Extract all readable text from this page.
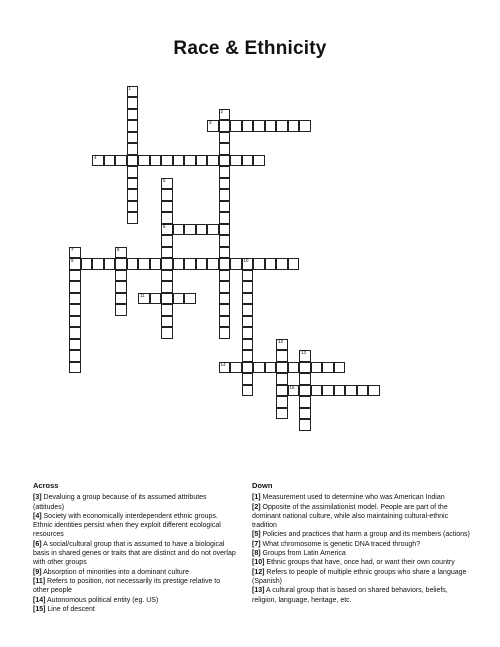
Race & Ethnicity
1
2
3
4
5
6
7
9
8
10
11
12
13
14
15
Across
[3] Devaluing a group because of its assumed attributes (attitudes)
[4] Society with economically interdependent ethnic groups. Ethnic identities persist when they exploit different ecological resources
[6] A social/cultural group that is assumed to have a biological basis in shared genes or traits that are distinct and do not overlap with other groups
[9] Absorption of minorities into a dominant culture
[11] Refers to position, not necessarily its prestige relative to other people
[14] Autonomous political entity (eg. US)
[15] Line of descent
Down
[1] Measurement used to determine who was American Indian
[2] Opposite of the assimilationist model. People are part of the dominant national culture, while also maintaining cultural-ethnic tradition
[5] Policies and practices that harm a group and its members (actions)
[7] What chromosome is genetic DNA traced through?
[8] Groups from Latin America
[10] Ethnic groups that have, once had, or want their own country
[12] Refers to people of multiple ethnic groups who share a language (Spanish)
[13] A cultural group that is based on shared behaviors, beliefs, religion, language, heritage, etc.
